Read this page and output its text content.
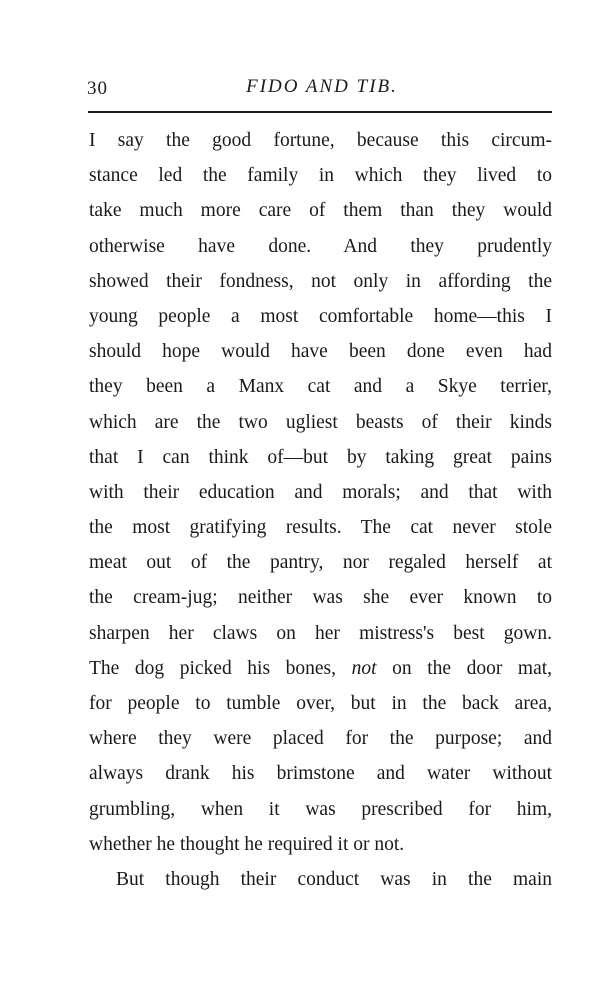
30	FIDO AND TIB.
I say the good fortune, because this circum-
stance led the family in which they lived to
take much more care of them than they would
otherwise have done. And they prudently
showed their fondness, not only in affording the
young people a most comfortable home—this I
should hope would have been done even had
they been a Manx cat and a Skye terrier,
which are the two ugliest beasts of their kinds
that I can think of—but by taking great pains
with their education and morals; and that with
the most gratifying results. The cat never stole
meat out of the pantry, nor regaled herself at
the cream-jug; neither was she ever known to
sharpen her claws on her mistress's best gown.
The dog picked his bones, not on the door mat,
for people to tumble over, but in the back area,
where they were placed for the purpose; and
always drank his brimstone and water without
grumbling, when it was prescribed for him,
whether he thought he required it or not.
But though their conduct was in the main
